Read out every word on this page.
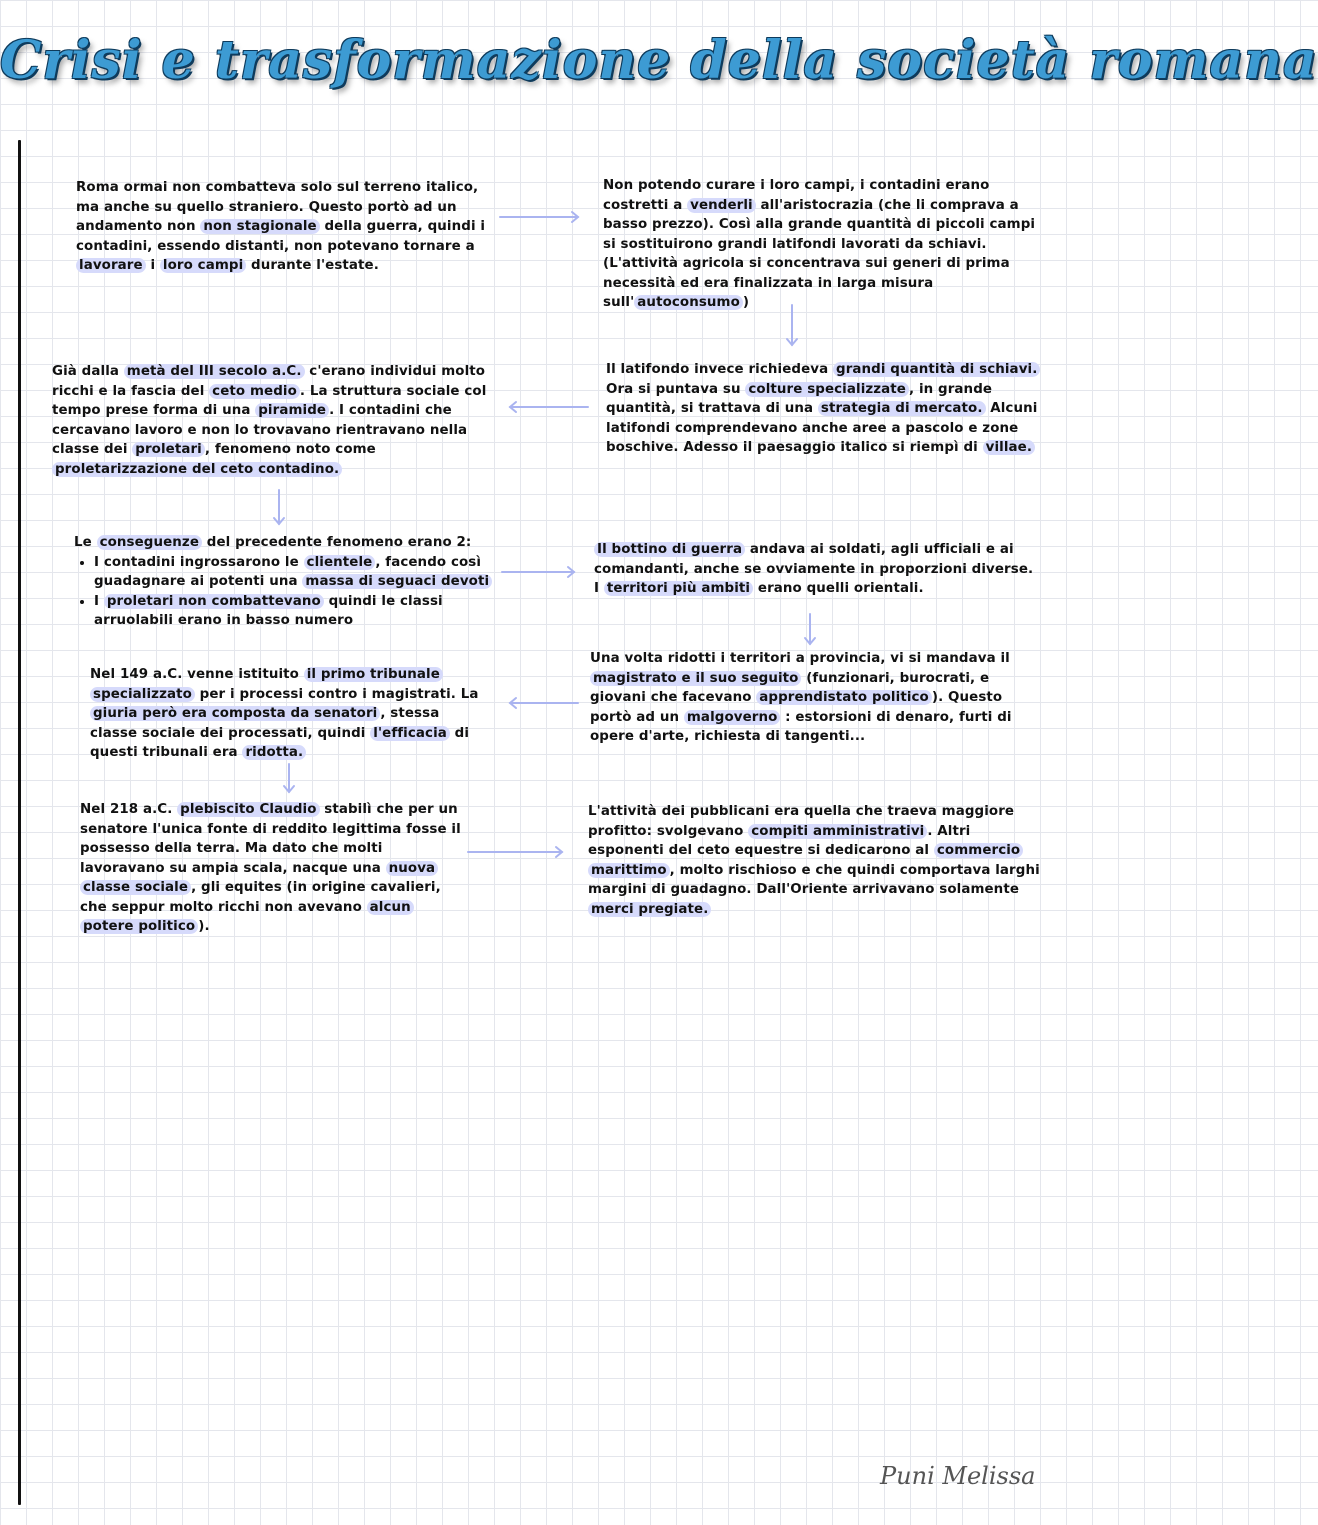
Crisi e trasformazione della società romana

Roma ormai non combatteva solo sul terreno italico, ma anche su quello straniero. Questo portò ad un andamento non non stagionale della guerra, quindi i contadini, essendo distanti, non potevano tornare a lavorare i loro campi durante l'estate.

Non potendo curare i loro campi, i contadini erano costretti a venderli all'aristocrazia (che li comprava a basso prezzo). Così alla grande quantità di piccoli campi si sostituirono grandi latifondi lavorati da schiavi. (L'attività agricola si concentrava sui generi di prima necessità ed era finalizzata in larga misura sull' autoconsumo )

Il latifondo invece richiedeva grandi quantità di schiavi. Ora si puntava su colture specializzate , in grande quantità, si trattava di una strategia di mercato. Alcuni latifondi comprendevano anche aree a pascolo e zone boschive. Adesso il paesaggio italico si riempì di villae.

Già dalla metà del III secolo a.C. c'erano individui molto ricchi e la fascia del ceto medio . La struttura sociale col tempo prese forma di una piramide . I contadini che cercavano lavoro e non lo trovavano rientravano nella classe dei proletari , fenomeno noto come proletarizzazione del ceto contadino.

Le conseguenze del precedente fenomeno erano 2:
• I contadini ingrossarono le clientele , facendo così guadagnare ai potenti una massa di seguaci devoti
• I proletari non combattevano quindi le classi arruolabili erano in basso numero

Il bottino di guerra andava ai soldati, agli ufficiali e ai comandanti, anche se ovviamente in proporzioni diverse. I territori più ambiti erano quelli orientali.

Nel 149 a.C. venne istituito il primo tribunale specializzato per i processi contro i magistrati. La giuria però era composta da senatori , stessa classe sociale dei processati, quindi l'efficacia di questi tribunali era ridotta.

Una volta ridotti i territori a provincia, vi si mandava il magistrato e il suo seguito (funzionari, burocrati, e giovani che facevano apprendistato politico ). Questo portò ad un malgoverno : estorsioni di denaro, furti di opere d'arte, richiesta di tangenti...

Nel 218 a.C. plebiscito Claudio stabilì che per un senatore l'unica fonte di reddito legittima fosse il possesso della terra. Ma dato che molti lavoravano su ampia scala, nacque una nuova classe sociale , gli equites (in origine cavalieri, che seppur molto ricchi non avevano alcun potere politico ).

L'attività dei pubblicani era quella che traeva maggiore profitto: svolgevano compiti amministrativi . Altri esponenti del ceto equestre si dedicarono al commercio marittimo , molto rischioso e che quindi comportava larghi margini di guadagno. Dall'Oriente arrivavano solamente merci pregiate.

Puni Melissa
